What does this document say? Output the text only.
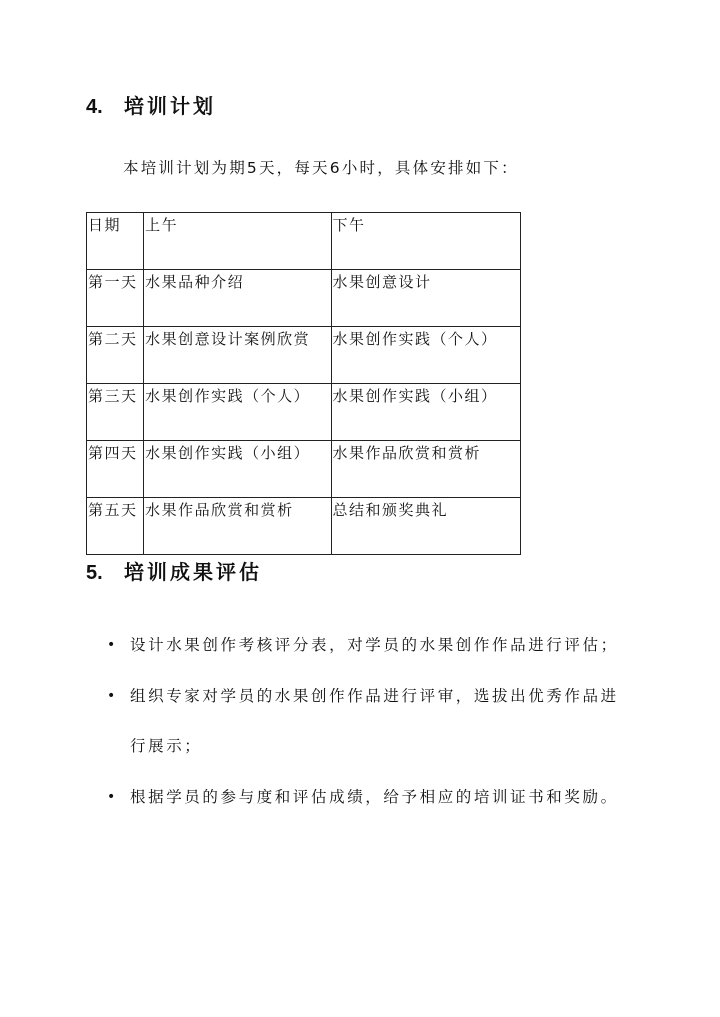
4. 培训计划
本培训计划为期5天，每天6小时，具体安排如下：
日期	上午	下午
第一天	水果品种介绍	水果创意设计
第二天	水果创意设计案例欣赏	水果创作实践（个人）
第三天	水果创作实践（个人）	水果创作实践（小组）
第四天	水果创作实践（小组）	水果作品欣赏和赏析
第五天	水果作品欣赏和赏析	总结和颁奖典礼
5. 培训成果评估
• 设计水果创作考核评分表，对学员的水果创作作品进行评估；
• 组织专家对学员的水果创作作品进行评审，选拔出优秀作品进行展示；
• 根据学员的参与度和评估成绩，给予相应的培训证书和奖励。
